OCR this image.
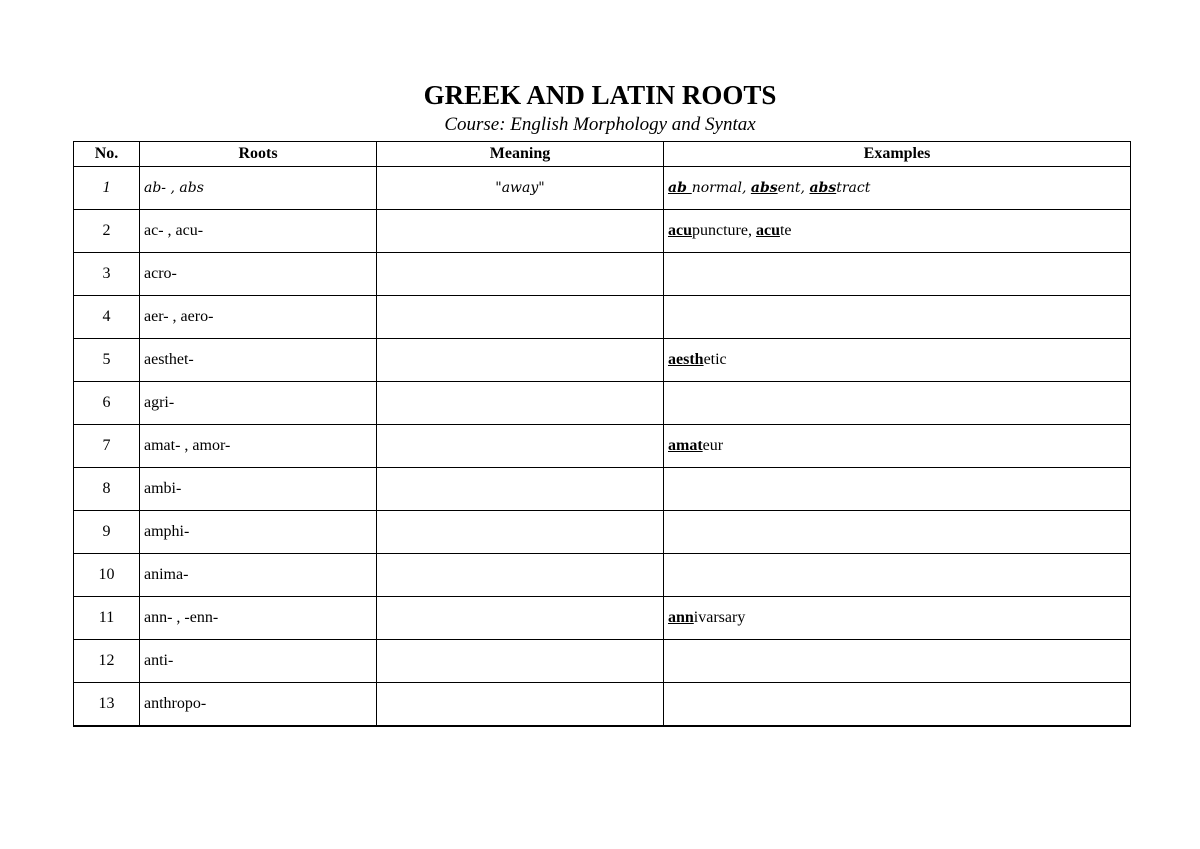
GREEK AND LATIN ROOTS
Course: English Morphology and Syntax
No.	Roots	Meaning	Examples
1	ab- , abs	"away"	ab normal, absent, abstract
2	ac- , acu-		acupuncture, acute
3	acro-		
4	aer- , aero-		
5	aesthet-		aesthetic
6	agri-		
7	amat- , amor-		amateur
8	ambi-		
9	amphi-		
10	anima-		
11	ann- , -enn-		annivarsary
12	anti-		
13	anthropo-		
